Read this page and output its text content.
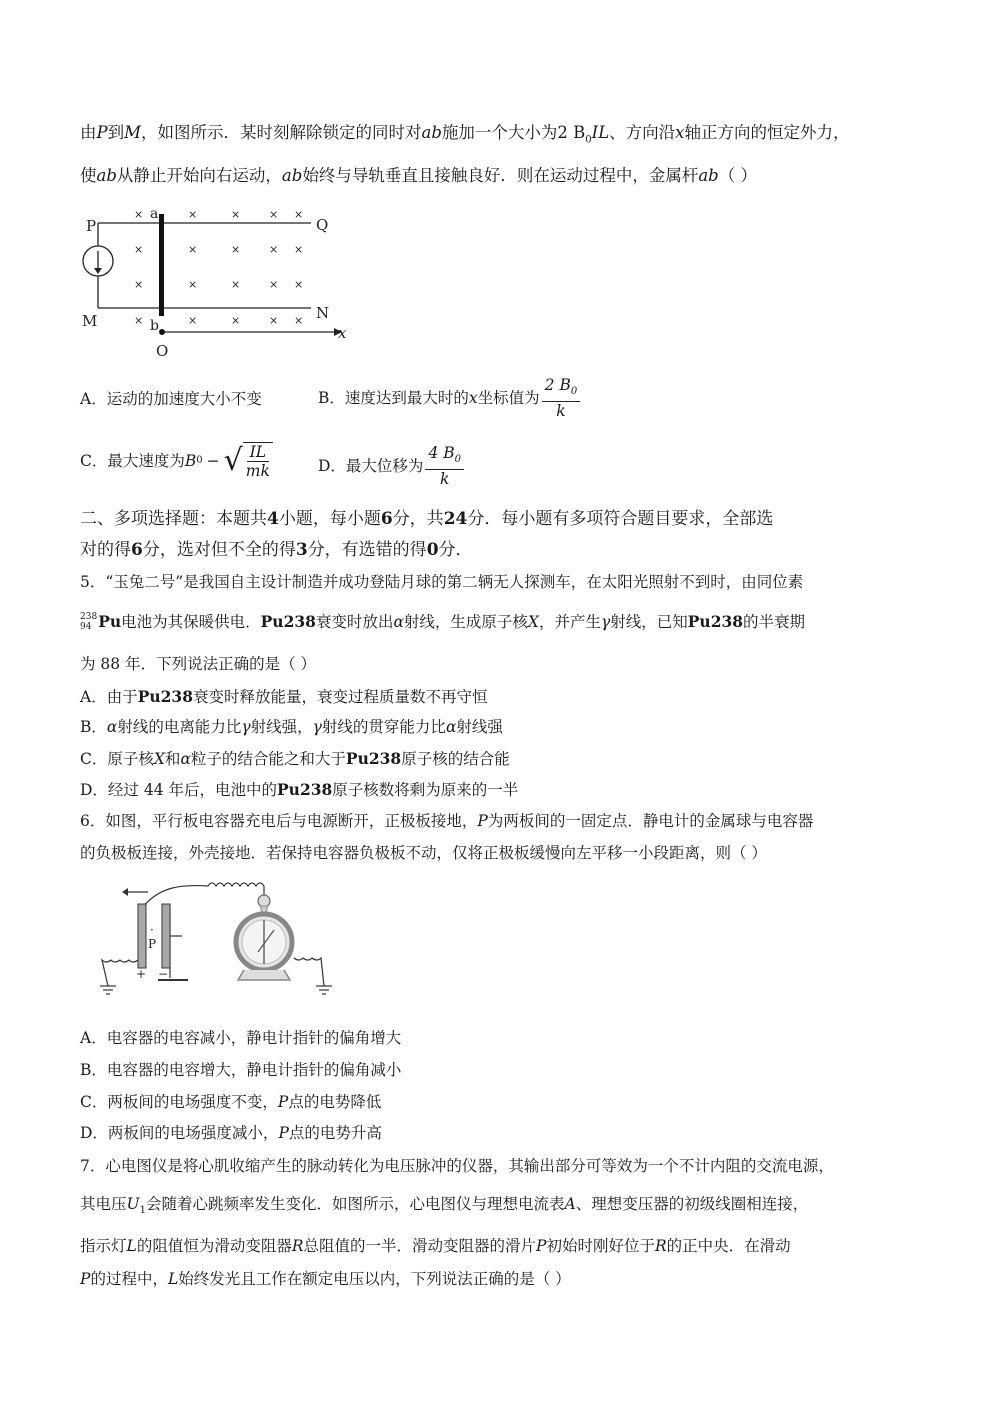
由P到M，如图所示．某时刻解除锁定的同时对ab施加一个大小为2 $B_0IL$、方向沿x轴正方向的恒定外力，
使ab从静止开始向右运动，ab始终与导轨垂直且接触良好．则在运动过程中，金属杆ab（ ）
×	×	×	× ×
×	×	×	× ×
×	×	×	× ×
×	×	×	× ×
P	Q
M	N
a
b
O
x
A．运动的加速度大小不变	B．速度达到最大时的 x 坐标值为 $\frac{2 B_0}{k}$
C．最大速度为 B 0 − √ $\frac{IL}{mk}$	D．最大位移为 $\frac{4 B_0}{k}$
二、多项选择题：本题共4小题，每小题6分，共24分．每小题有多项符合题目要求，全部选
对的得6分，选对但不全的得3分，有选错的得0分．
5．“玉兔二号”是我国自主设计制造并成功登陆月球的第二辆无人探测车，在太阳光照射不到时，由同位素
238
94 Pu 电池为其保暖供电． Pu238 衰变时放出 α 射线，生成原子核 X ，并产生 γ 射线，已知 Pu238 的半衰期
为 88 年．下列说法正确的是（ ）
A．由于Pu238衰变时释放能量，衰变过程质量数不再守恒
B．α射线的电离能力比γ射线强，γ射线的贯穿能力比α射线强
C．原子核X和α粒子的结合能之和大于Pu238原子核的结合能
D．经过 44 年后，电池中的Pu238原子核数将剩为原来的一半
6．如图，平行板电容器充电后与电源断开，正极板接地，P为两板间的一固定点．静电计的金属球与电容器
的负极板连接，外壳接地．若保持电容器负极板不动，仅将正极板缓慢向左平移一小段距离，则（ ）
P
·
+ −
A．电容器的电容减小，静电计指针的偏角增大
B．电容器的电容增大，静电计指针的偏角减小
C．两板间的电场强度不变，P点的电势降低
D．两板间的电场强度减小，P点的电势升高
7．心电图仪是将心肌收缩产生的脉动转化为电压脉冲的仪器，其输出部分可等效为一个不计内阻的交流电源，
其电压$U_1$会随着心跳频率发生变化．如图所示，心电图仪与理想电流表A、理想变压器的初级线圈相连接，
指示灯L的阻值恒为滑动变阻器R总阻值的一半．滑动变阻器的滑片P初始时刚好位于R的正中央．在滑动
P的过程中，L始终发光且工作在额定电压以内，下列说法正确的是（ ）
